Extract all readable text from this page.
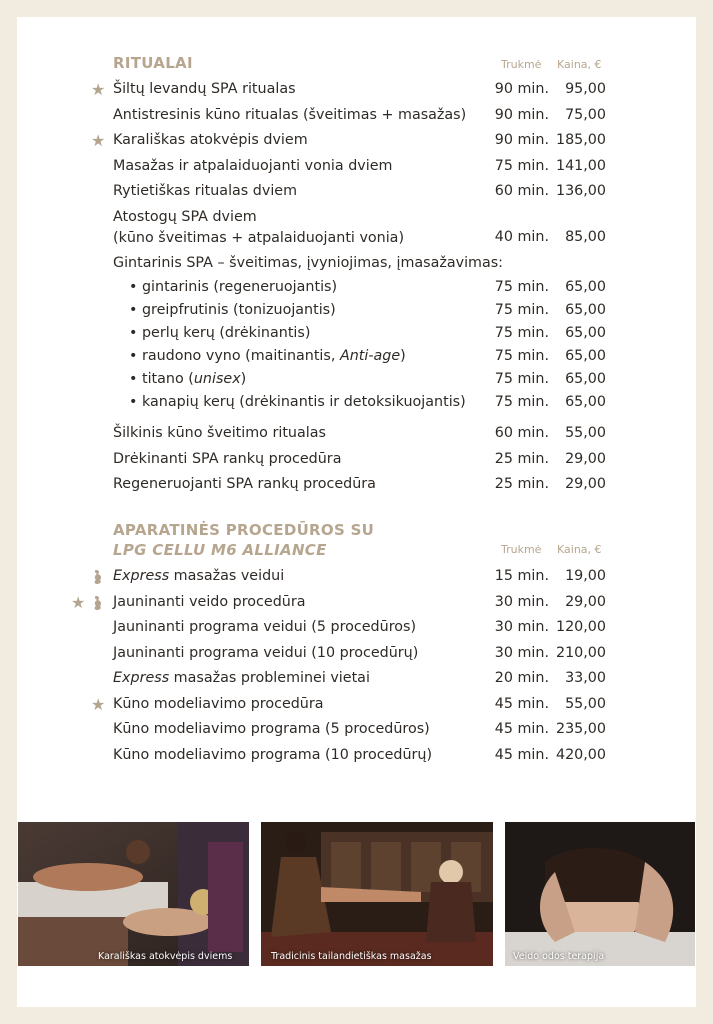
RITUALAI	Trukmė Kaina, €
★ Šiltų levandų SPA ritualas	90 min.	95,00
Antistresinis kūno ritualas (šveitimas + masažas)	90 min.	75,00
★ Karališkas atokvėpis dviem	90 min. 185,00
Masažas ir atpalaiduojanti vonia dviem	75 min. 141,00
Rytietiškas ritualas dviem	60 min. 136,00
Atostogų SPA dviem
(kūno šveitimas + atpalaiduojanti vonia)	40 min.	85,00
Gintarinis SPA – šveitimas, įvyniojimas, įmasažavimas:
• gintarinis (regeneruojantis)	75 min.	65,00
• greipfrutinis (tonizuojantis)	75 min.	65,00
• perlų kerų (drėkinantis)	75 min.	65,00
• raudono vyno (maitinantis, Anti-age)	75 min.	65,00
• titano (unisex)	75 min.	65,00
• kanapių kerų (drėkinantis ir detoksikuojantis)	75 min.	65,00
Šilkinis kūno šveitimo ritualas	60 min.	55,00
Drėkinanti SPA rankų procedūra	25 min.	29,00
Regeneruojanti SPA rankų procedūra	25 min.	29,00
APARATINĖS PROCEDŪROS SU
LPG CELLU M6 ALLIANCE	Trukmė Kaina, €
Express masažas veidui	15 min.	19,00
★ Jauninanti veido procedūra	30 min.	29,00
Jauninanti programa veidui (5 procedūros)	30 min. 120,00
Jauninanti programa veidui (10 procedūrų)	30 min. 210,00
Express masažas probleminei vietai	20 min.	33,00
★ Kūno modeliavimo procedūra	45 min.	55,00
Kūno modeliavimo programa (5 procedūros)	45 min. 235,00
Kūno modeliavimo programa (10 procedūrų)	45 min. 420,00
Karališkas atokvėpis dviems	Tradicinis tailandietiškas masažas	Veido odos terapija
